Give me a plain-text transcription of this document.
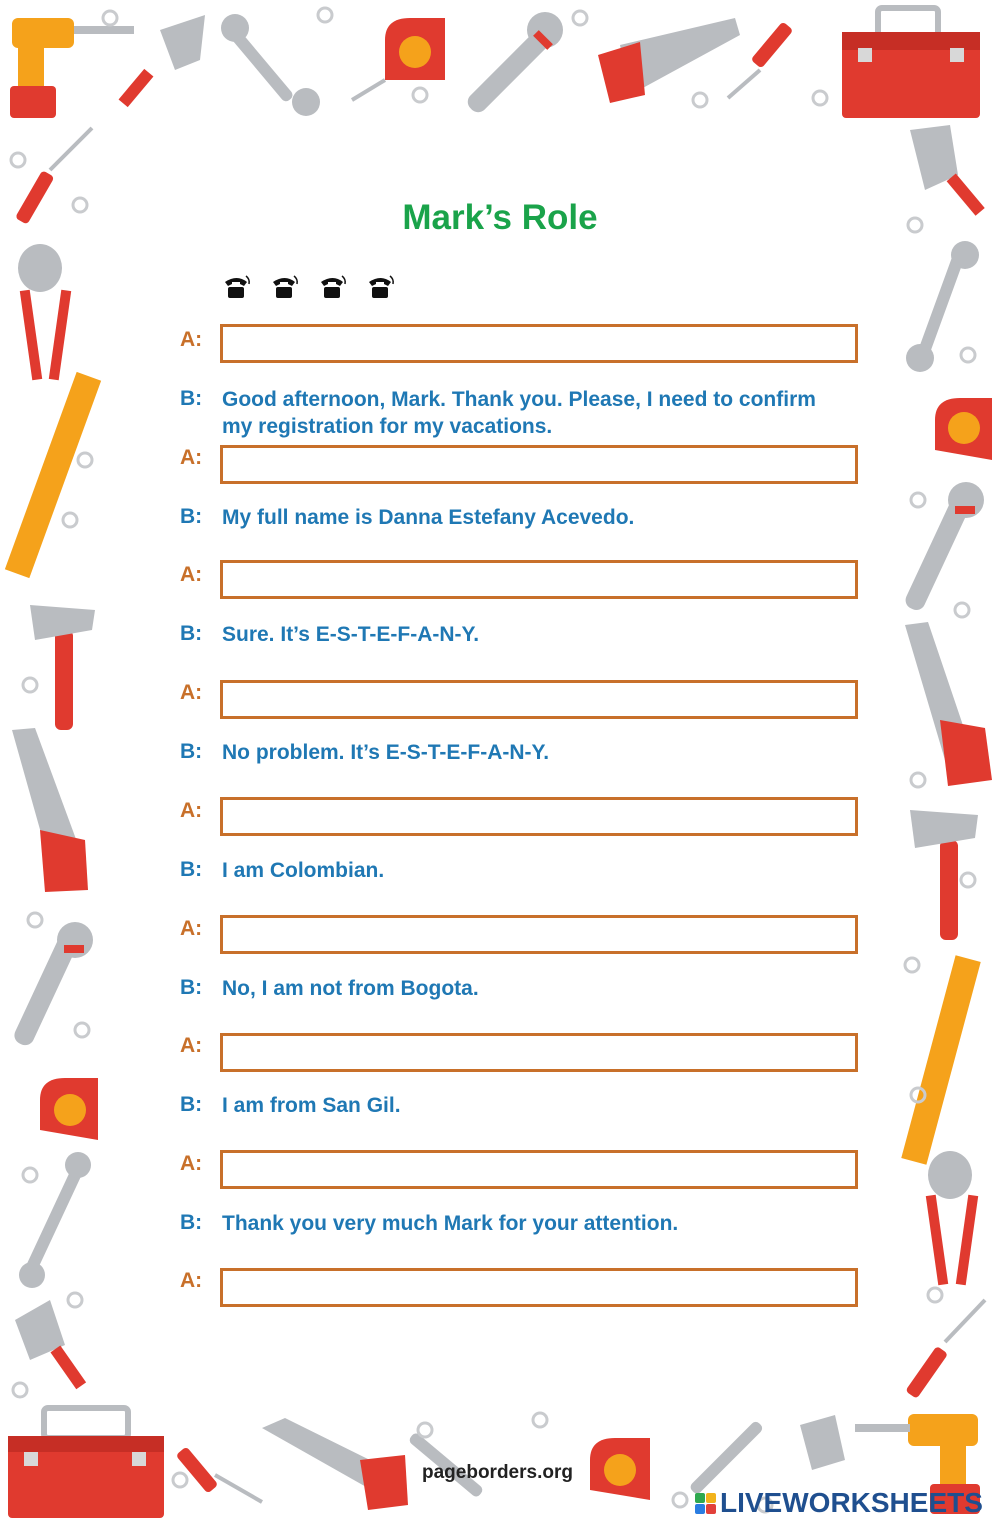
Mark’s Role
A:
B: Good afternoon, Mark. Thank you. Please, I need to confirm my registration for my vacations.
A:
B: My full name is Danna Estefany Acevedo.
A:
B: Sure. It’s E-S-T-E-F-A-N-Y.
A:
B: No problem. It’s E-S-T-E-F-A-N-Y.
A:
B: I am Colombian.
A:
B: No, I am not from Bogota.
A:
B: I am from San Gil.
A:
B: Thank you very much Mark for your attention.
A:
pageborders.org
LIVEWORKSHEETS
